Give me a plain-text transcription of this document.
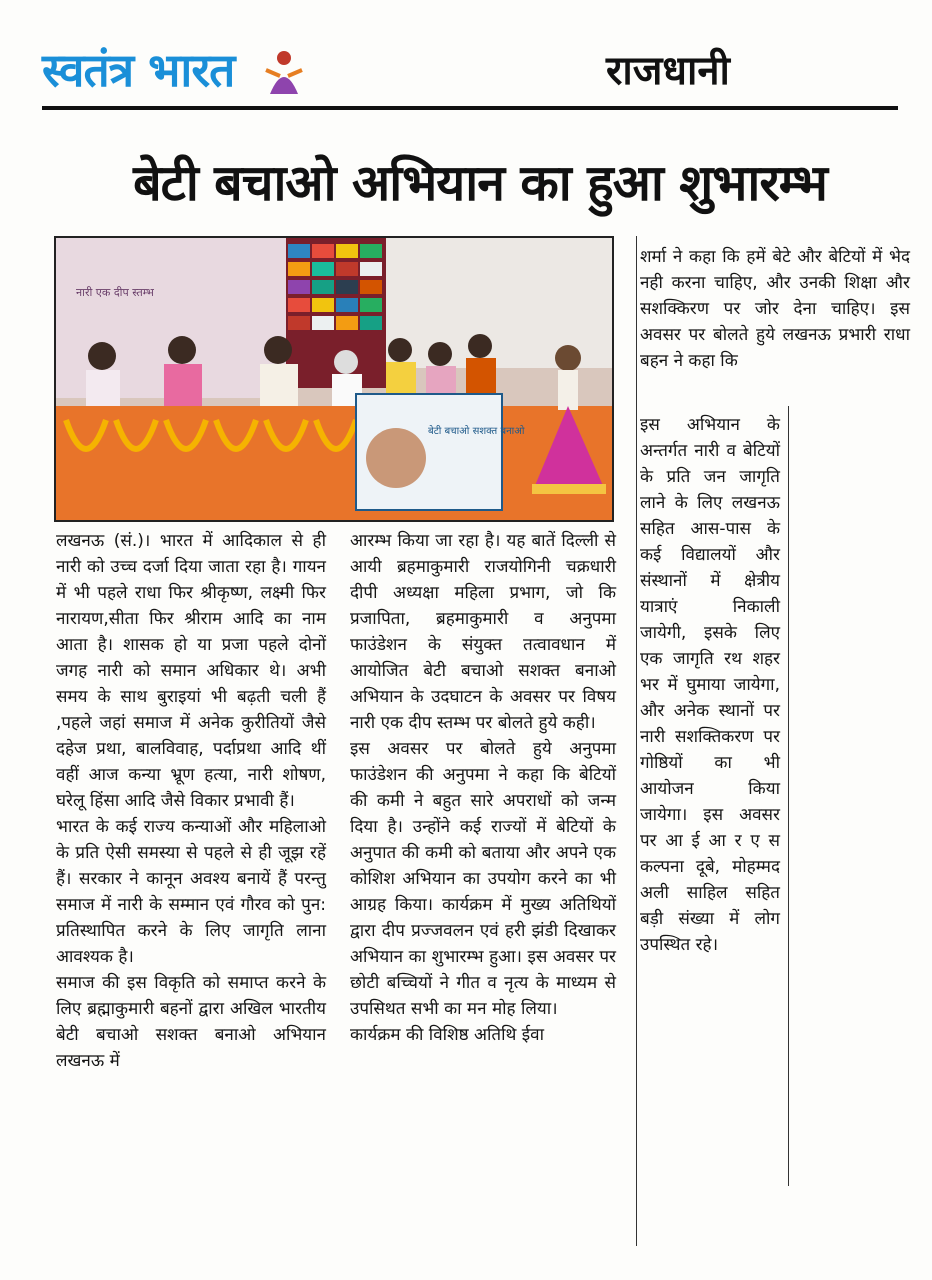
स्वतंत्र भारत	राजधानी
बेटी बचाओ अभियान का हुआ शुभारम्भ
नारी एक दीप स्तम्भ
बेटी बचाओ सशक्त बनाओ

लखनऊ (सं.)। भारत में आदिकाल से ही नारी को उच्च दर्जा दिया जाता रहा है। गायन में भी पहले राधा फिर श्रीकृष्ण, लक्ष्मी फिर नारायण,सीता फिर श्रीराम आदि का नाम आता है। शासक हो या प्रजा पहले दोनों जगह नारी को समान अधिकार थे। अभी समय के साथ बुराइयां भी बढ़ती चली हैं ,पहले जहां समाज में अनेक कुरीतियों जैसे दहेज प्रथा, बालविवाह, पर्दाप्रथा आदि थीं वहीं आज कन्या भ्रूण हत्या, नारी शोषण, घरेलू हिंसा आदि जैसे विकार प्रभावी हैं।

भारत के कई राज्य कन्याओं और महिलाओ के प्रति ऐसी समस्या से पहले से ही जूझ रहें हैं। सरकार ने कानून अवश्य बनायें हैं परन्तु समाज में नारी के सम्मान एवं गौरव को पुन: प्रतिस्थापित करने के लिए जागृति लाना आवश्यक है।

समाज की इस विकृति को समाप्त करने के लिए ब्रह्माकुमारी बहनों द्वारा अखिल भारतीय बेटी बचाओ सशक्त बनाओ अभियान लखनऊ में

आरम्भ किया जा रहा है। यह बातें दिल्ली से आयी ब्रहमाकुमारी राजयोगिनी चक्रधारी दीपी अध्यक्षा महिला प्रभाग, जो कि प्रजापिता, ब्रहमाकुमारी व अनुपमा फाउंडेशन के संयुक्त तत्वावधान में आयोजित बेटी बचाओ सशक्त बनाओ अभियान के उदघाटन के अवसर पर विषय नारी एक दीप स्तम्भ पर बोलते हुये कही।

इस अवसर पर बोलते हुये अनुपमा फाउंडेशन की अनुपमा ने कहा कि बेटियों की कमी ने बहुत सारे अपराधों को जन्म दिया है। उन्होंने कई राज्यों में बेटियों के अनुपात की कमी को बताया और अपने एक कोशिश अभियान का उपयोग करने का भी आग्रह किया। कार्यक्रम में मुख्य अतिथियों द्वारा दीप प्रज्जवलन एवं हरी झंडी दिखाकर अभियान का शुभारम्भ हुआ। इस अवसर पर छोटी बच्चियों ने गीत व नृत्य के माध्यम से उपसिथत सभी का मन मोह लिया।

कार्यक्रम की विशिष्ठ अतिथि ईवा

शर्मा ने कहा कि हमें बेटे और बेटियों में भेद नही करना चाहिए, और उनकी शिक्षा और सशक्किरण पर जोर देना चाहिए। इस अवसर पर बोलते हुये लखनऊ प्रभारी राधा बहन ने कहा कि

इस अभियान के अन्तर्गत नारी व बेटियों के प्रति जन जागृति लाने के लिए लखनऊ सहित आस-पास के कई विद्यालयों और संस्थानों में क्षेत्रीय यात्राएं निकाली जायेगी, इसके लिए एक जागृति रथ शहर भर में घुमाया जायेगा, और अनेक स्थानों पर नारी सशक्तिकरण पर गोष्ठियों का भी आयोजन किया जायेगा। इस अवसर पर आ ई आ र ए स कल्पना दूबे, मोहम्मद अली साहिल सहित बड़ी संख्या में लोग उपस्थित रहे।
